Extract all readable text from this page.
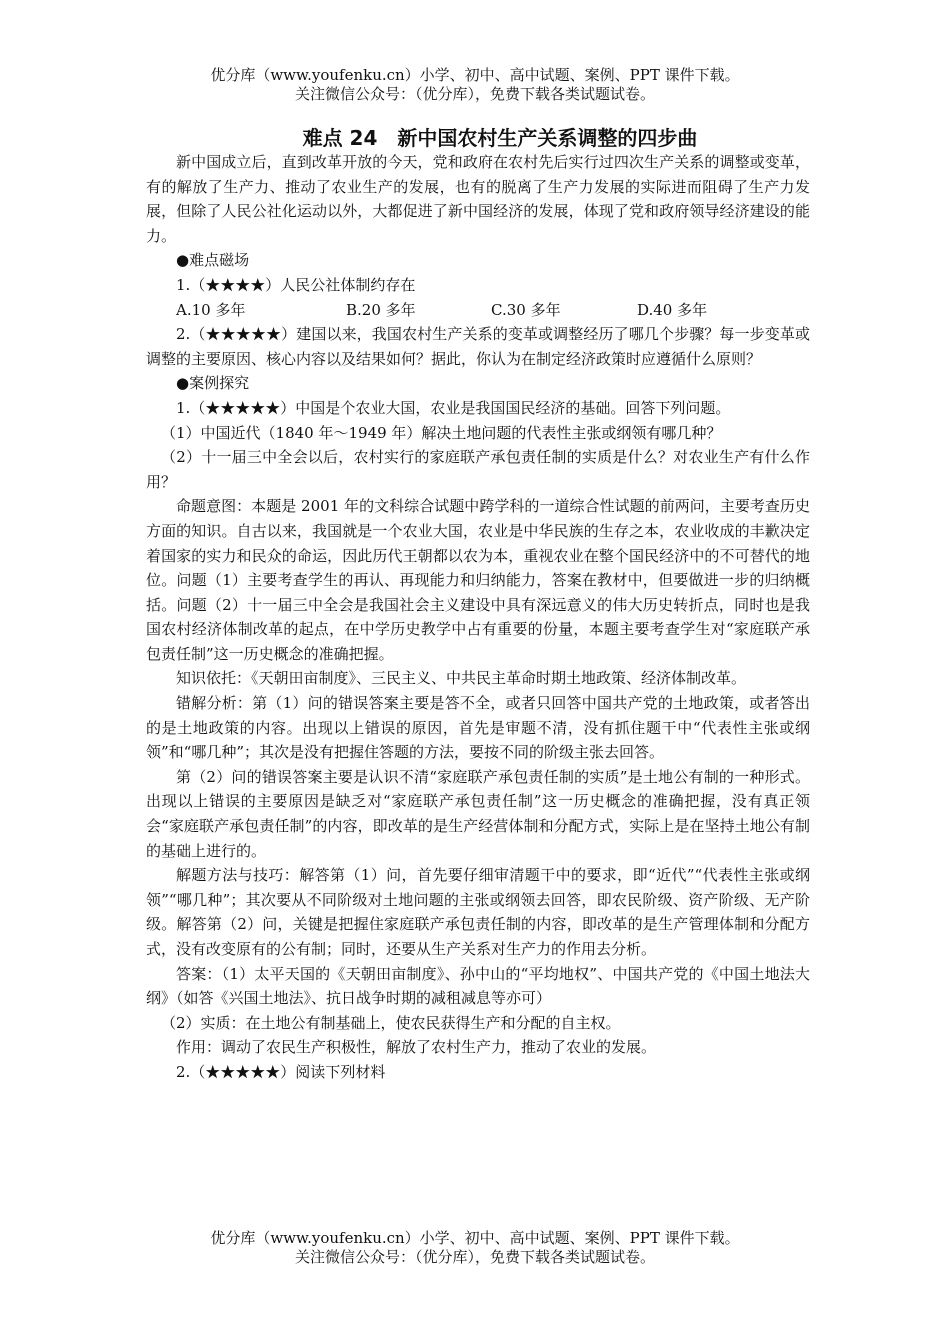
优分库（www.youfenku.cn）小学、初中、高中试题、案例、PPT 课件下载。
关注微信公众号：（优分库），免费下载各类试题试卷。
难点 24　新中国农村生产关系调整的四步曲

新中国成立后，直到改革开放的今天，党和政府在农村先后实行过四次生产关系的调整或变革，有的解放了生产力、推动了农业生产的发展，也有的脱离了生产力发展的实际进而阻碍了生产力发展，但除了人民公社化运动以外，大都促进了新中国经济的发展，体现了党和政府领导经济建设的能力。

●难点磁场

1.（★★★★）人民公社体制约存在

A.10 多年	B.20 多年	C.30 多年	D.40 多年

2.（★★★★★）建国以来，我国农村生产关系的变革或调整经历了哪几个步骤？每一步变革或调整的主要原因、核心内容以及结果如何？据此，你认为在制定经济政策时应遵循什么原则？

●案例探究

1.（★★★★★）中国是个农业大国，农业是我国国民经济的基础。回答下列问题。

（1）中国近代（1840 年～1949 年）解决土地问题的代表性主张或纲领有哪几种？

（2）十一届三中全会以后，农村实行的家庭联产承包责任制的实质是什么？对农业生产有什么作用？

命题意图：本题是 2001 年的文科综合试题中跨学科的一道综合性试题的前两问，主要考查历史方面的知识。自古以来，我国就是一个农业大国，农业是中华民族的生存之本，农业收成的丰歉决定着国家的实力和民众的命运，因此历代王朝都以农为本，重视农业在整个国民经济中的不可替代的地位。问题（1）主要考查学生的再认、再现能力和归纳能力，答案在教材中，但要做进一步的归纳概括。问题（2）十一届三中全会是我国社会主义建设中具有深远意义的伟大历史转折点，同时也是我国农村经济体制改革的起点，在中学历史教学中占有重要的份量，本题主要考查学生对“家庭联产承包责任制”这一历史概念的准确把握。

知识依托：《天朝田亩制度》、三民主义、中共民主革命时期土地政策、经济体制改革。

错解分析：第（1）问的错误答案主要是答不全，或者只回答中国共产党的土地政策，或者答出的是土地政策的内容。出现以上错误的原因，首先是审题不清，没有抓住题干中“代表性主张或纲领”和“哪几种”；其次是没有把握住答题的方法，要按不同的阶级主张去回答。

第（2）问的错误答案主要是认识不清“家庭联产承包责任制的实质”是土地公有制的一种形式。出现以上错误的主要原因是缺乏对“家庭联产承包责任制”这一历史概念的准确把握，没有真正领会“家庭联产承包责任制”的内容，即改革的是生产经营体制和分配方式，实际上是在坚持土地公有制的基础上进行的。

解题方法与技巧：解答第（1）问，首先要仔细审清题干中的要求，即“近代”“代表性主张或纲领”“哪几种”；其次要从不同阶级对土地问题的主张或纲领去回答，即农民阶级、资产阶级、无产阶级。解答第（2）问，关键是把握住家庭联产承包责任制的内容，即改革的是生产管理体制和分配方式，没有改变原有的公有制；同时，还要从生产关系对生产力的作用去分析。

答案：（1）太平天国的《天朝田亩制度》、孙中山的“平均地权”、中国共产党的《中国土地法大纲》（如答《兴国土地法》、抗日战争时期的减租减息等亦可）

（2）实质：在土地公有制基础上，使农民获得生产和分配的自主权。

作用：调动了农民生产积极性，解放了农村生产力，推动了农业的发展。

2.（★★★★★）阅读下列材料

优分库（www.youfenku.cn）小学、初中、高中试题、案例、PPT 课件下载。
关注微信公众号：（优分库），免费下载各类试题试卷。
